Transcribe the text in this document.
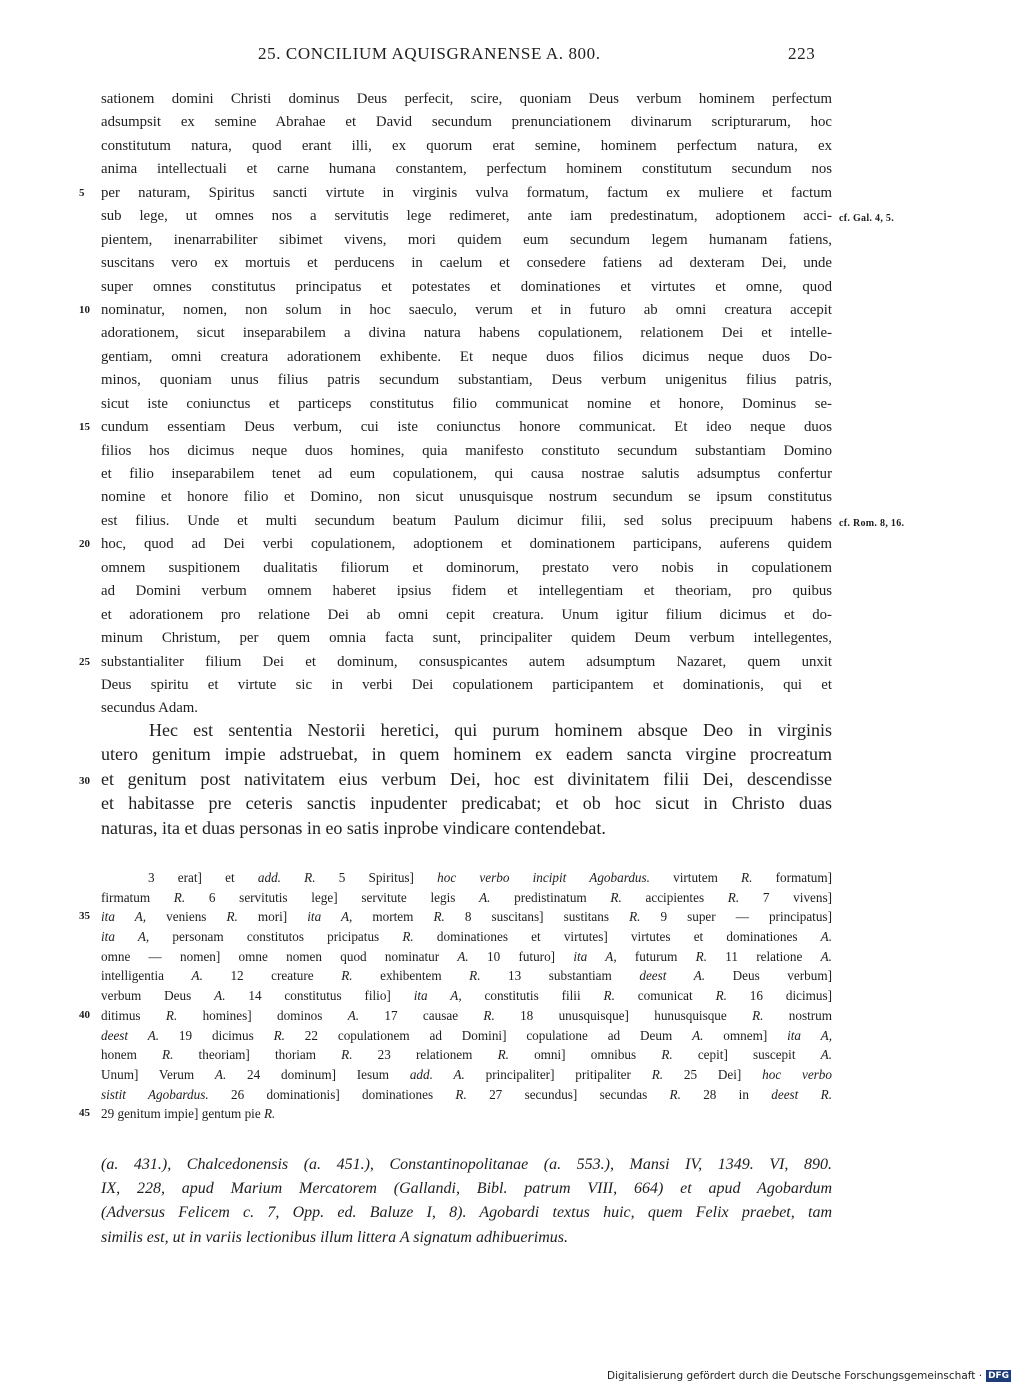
25. CONCILIUM AQUISGRANENSE A. 800.	223
sationem domini Christi dominus Deus perfecit, scire, quoniam Deus verbum hominem perfectum
adsumpsit ex semine Abrahae et David secundum prenunciationem divinarum scripturarum, hoc
constitutum natura, quod erant illi, ex quorum erat semine, hominem perfectum natura, ex
anima intellectuali et carne humana constantem, perfectum hominem constitutum secundum nos
per naturam, Spiritus sancti virtute in virginis vulva formatum, factum ex muliere et factum
5
sub lege, ut omnes nos a servitutis lege redimeret, ante iam predestinatum, adoptionem acci- cf. Gal. 4, 5.
pientem, inenarrabiliter sibimet vivens, mori quidem eum secundum legem humanam fatiens,
suscitans vero ex mortuis et perducens in caelum et consedere fatiens ad dexteram Dei, unde
super omnes constitutus principatus et potestates et dominationes et virtutes et omne, quod
nominatur, nomen, non solum in hoc saeculo, verum et in futuro ab omni creatura accepit
10
adorationem, sicut inseparabilem a divina natura habens copulationem, relationem Dei et intelle-
gentiam, omni creatura adorationem exhibente. Et neque duos filios dicimus neque duos Do-
minos, quoniam unus filius patris secundum substantiam, Deus verbum unigenitus filius patris,
sicut iste coniunctus et particeps constitutus filio communicat nomine et honore, Dominus se-
cundum essentiam Deus verbum, cui iste coniunctus honore communicat. Et ideo neque duos
15
filios hos dicimus neque duos homines, quia manifesto constituto secundum substantiam Domino
et filio inseparabilem tenet ad eum copulationem, qui causa nostrae salutis adsumptus confertur
nomine et honore filio et Domino, non sicut unusquisque nostrum secundum se ipsum constitutus
est filius. Unde et multi secundum beatum Paulum dicimur filii, sed solus precipuum habens cf. Rom. 8, 16.
hoc, quod ad Dei verbi copulationem, adoptionem et dominationem participans, auferens quidem
20
omnem suspitionem dualitatis filiorum et dominorum, prestato vero nobis in copulationem
ad Domini verbum omnem haberet ipsius fidem et intellegentiam et theoriam, pro quibus
et adorationem pro relatione Dei ab omni cepit creatura. Unum igitur filium dicimus et do-
minum Christum, per quem omnia facta sunt, principaliter quidem Deum verbum intellegentes,
substantialiter filium Dei et dominum, consuspicantes autem adsumptum Nazaret, quem unxit
25
Deus spiritu et virtute sic in verbi Dei copulationem participantem et dominationis, qui et
secundus Adam.
Hec est sententia Nestorii heretici, qui purum hominem absque Deo in virginis
utero genitum impie adstruebat, in quem hominem ex eadem sancta virgine procreatum
et genitum post nativitatem eius verbum Dei, hoc est divinitatem filii Dei, descendisse
30
et habitasse pre ceteris sanctis inpudenter predicabat; et ob hoc sicut in Christo duas
naturas, ita et duas personas in eo satis inprobe vindicare contendebat.
3 erat] et add. R. 5 Spiritus] hoc verbo incipit Agobardus. virtutem R. formatum]
firmatum R. 6 servitutis lege] servitute legis A. predistinatum R. accipientes R. 7 vivens]
ita A, veniens R. mori] ita A, mortem R. 8 suscitans] sustitans R. 9 super — principatus]
35
ita A, personam constitutos pricipatus R. dominationes et virtutes] virtutes et dominationes A.
omne — nomen] omne nomen quod nominatur A. 10 futuro] ita A, futurum R. 11 relatione A.
intelligentia A. 12 creature R. exhibentem R. 13 substantiam deest A. Deus verbum]
verbum Deus A. 14 constitutus filio] ita A, constitutis filii R. comunicat R. 16 dicimus]
ditimus R. homines] dominos A. 17 causae R. 18 unusquisque] hunusquisque R. nostrum
40
deest A. 19 dicimus R. 22 copulationem ad Domini] copulatione ad Deum A. omnem] ita A,
honem R. theoriam] thoriam R. 23 relationem R. omni] omnibus R. cepit] suscepit A.
Unum] Verum A. 24 dominum] Iesum add. A. principaliter] pritipaliter R. 25 Dei] hoc verbo
sistit Agobardus. 26 dominationis] dominationes R. 27 secundus] secundas R. 28 in deest R.
29 genitum impie] gentum pie R.
45
(a. 431.), Chalcedonensis (a. 451.), Constantinopolitanae (a. 553.), Mansi IV, 1349. VI, 890.
IX, 228, apud Marium Mercatorem (Gallandi, Bibl. patrum VIII, 664) et apud Agobardum
(Adversus Felicem c. 7, Opp. ed. Baluze I, 8). Agobardi textus huic, quem Felix praebet, tam
similis est, ut in variis lectionibus illum littera A signatum adhibuerimus.
Digitalisierung gefördert durch die Deutsche Forschungsgemeinschaft · DFG
